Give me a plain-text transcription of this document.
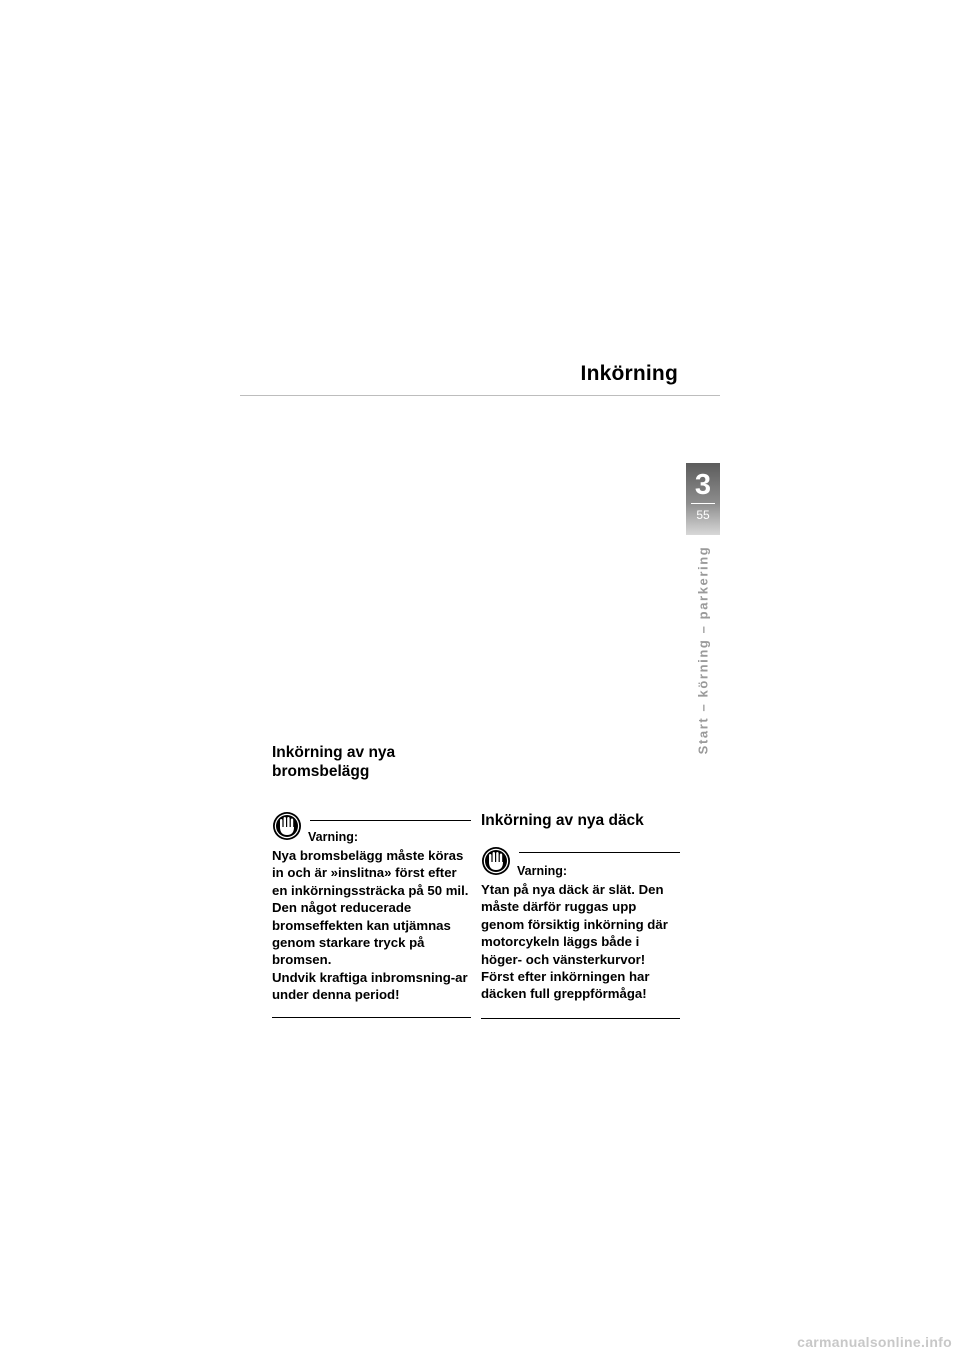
Inkörning
3
55
Start – körning – parkering
Inkörning av nya bromsbelägg
Varning:

Nya bromsbelägg måste köras in och är »inslitna» först efter en inkörningssträcka på 50 mil.
Den något reducerade bromseffekten kan utjämnas genom starkare tryck på bromsen.
Undvik kraftiga inbromsning-ar under denna period!

Inkörning av nya däck
Varning:

Ytan på nya däck är slät. Den måste därför ruggas upp genom försiktig inkörning där motorcykeln läggs både i höger- och vänsterkurvor! Först efter inkörningen har däcken full greppförmåga!

carmanualsonline.info
